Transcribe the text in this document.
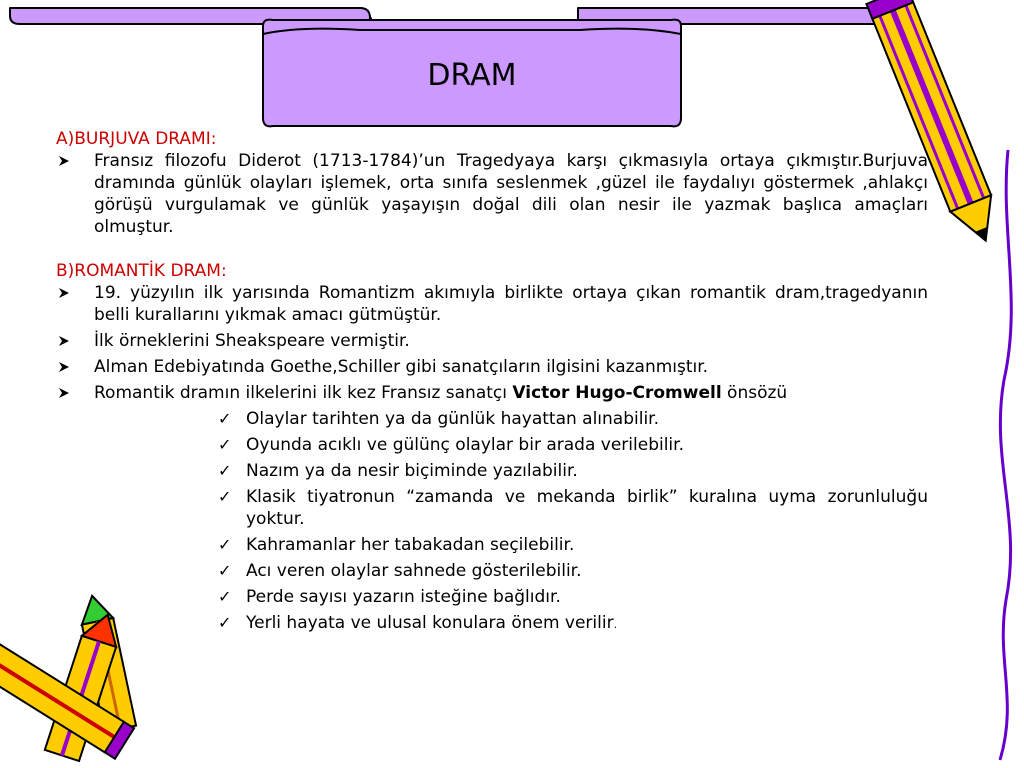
DRAM
A)BURJUVA DRAMI:
Fransız filozofu Diderot (1713-1784)’un Tragedyaya karşı çıkmasıyla ortaya çıkmıştır.Burjuva dramında günlük olayları işlemek, orta sınıfa seslenmek ,güzel ile faydalıyı göstermek ,ahlakçı görüşü vurgulamak ve günlük yaşayışın doğal dili olan nesir ile yazmak başlıca amaçları olmuştur.
B)ROMANTİK DRAM:
19. yüzyılın ilk yarısında Romantizm akımıyla birlikte ortaya çıkan romantik dram,tragedyanın belli kurallarını yıkmak amacı gütmüştür.
İlk örneklerini Sheakspeare vermiştir.
Alman Edebiyatında Goethe,Schiller gibi sanatçıların ilgisini kazanmıştır.
Romantik dramın ilkelerini ilk kez Fransız sanatçı Victor Hugo-Cromwell önsözü
✓ Olaylar tarihten ya da günlük hayattan alınabilir.
✓ Oyunda acıklı ve gülünç olaylar bir arada verilebilir.
✓ Nazım ya da nesir biçiminde yazılabilir.
✓ Klasik tiyatronun “zamanda ve mekanda birlik” kuralına uyma zorunluluğu yoktur.
✓ Kahramanlar her tabakadan seçilebilir.
✓ Acı veren olaylar sahnede gösterilebilir.
✓ Perde sayısı yazarın isteğine bağlıdır.
✓ Yerli hayata ve ulusal konulara önem verilir.
